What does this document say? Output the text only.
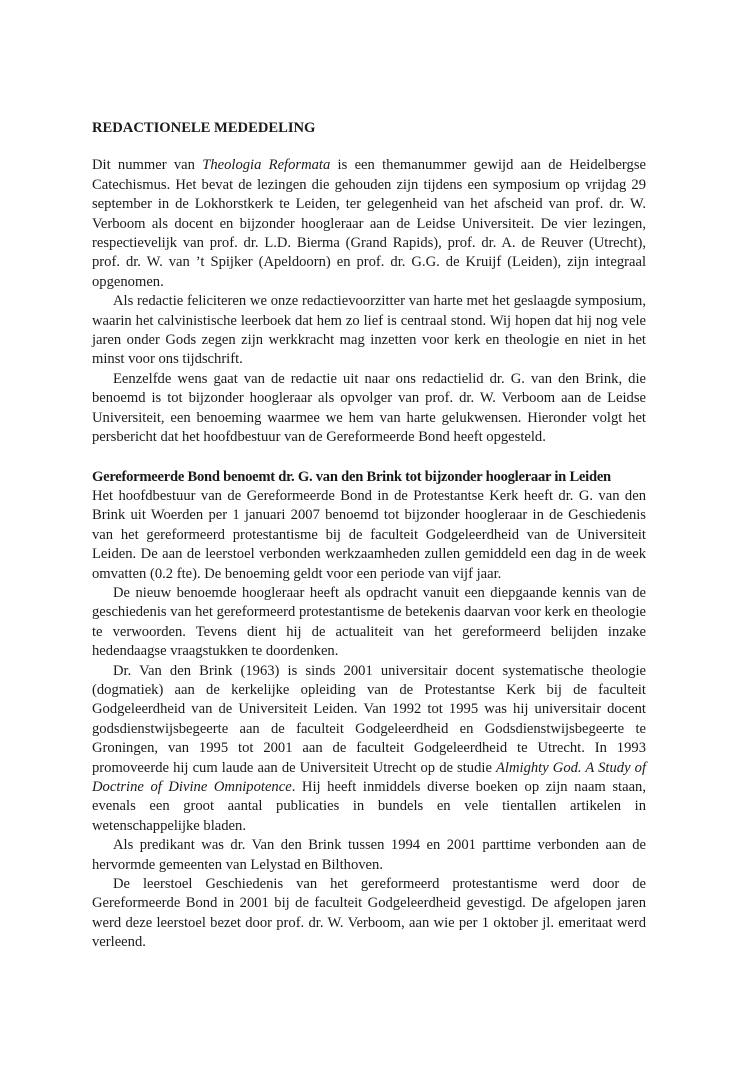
REDACTIONELE MEDEDELING

Dit nummer van Theologia Reformata is een themanummer gewijd aan de Heidelbergse Catechismus. Het bevat de lezingen die gehouden zijn tijdens een symposium op vrijdag 29 september in de Lokhorstkerk te Leiden, ter gelegenheid van het afscheid van prof. dr. W. Verboom als docent en bijzonder hoogleraar aan de Leidse Universiteit. De vier lezingen, respectievelijk van prof. dr. L.D. Bierma (Grand Rapids), prof. dr. A. de Reuver (Utrecht), prof. dr. W. van ’t Spijker (Apeldoorn) en prof. dr. G.G. de Kruijf (Leiden), zijn integraal opgenomen.

Als redactie feliciteren we onze redactievoorzitter van harte met het geslaagde symposium, waarin het calvinistische leerboek dat hem zo lief is centraal stond. Wij hopen dat hij nog vele jaren onder Gods zegen zijn werkkracht mag inzetten voor kerk en theologie en niet in het minst voor ons tijdschrift.

Eenzelfde wens gaat van de redactie uit naar ons redactielid dr. G. van den Brink, die benoemd is tot bijzonder hoogleraar als opvolger van prof. dr. W. Verboom aan de Leidse Universiteit, een benoeming waarmee we hem van harte gelukwensen. Hieronder volgt het persbericht dat het hoofdbestuur van de Gereformeerde Bond heeft opgesteld.

Gereformeerde Bond benoemt dr. G. van den Brink tot bijzonder hoogleraar in Leiden

Het hoofdbestuur van de Gereformeerde Bond in de Protestantse Kerk heeft dr. G. van den Brink uit Woerden per 1 januari 2007 benoemd tot bijzonder hoogleraar in de Geschiedenis van het gereformeerd protestantisme bij de faculteit Godgeleerdheid van de Universiteit Leiden. De aan de leerstoel verbonden werkzaamheden zullen gemiddeld een dag in de week omvatten (0.2 fte). De benoeming geldt voor een periode van vijf jaar.

De nieuw benoemde hoogleraar heeft als opdracht vanuit een diepgaande kennis van de geschiedenis van het gereformeerd protestantisme de betekenis daarvan voor kerk en theologie te verwoorden. Tevens dient hij de actualiteit van het gereformeerd belijden inzake hedendaagse vraagstukken te doordenken.

Dr. Van den Brink (1963) is sinds 2001 universitair docent systematische theologie (dogmatiek) aan de kerkelijke opleiding van de Protestantse Kerk bij de faculteit Godgeleerdheid van de Universiteit Leiden. Van 1992 tot 1995 was hij universitair docent godsdienstwijsbegeerte aan de faculteit Godgeleerdheid en Godsdienstwijsbegeerte te Groningen, van 1995 tot 2001 aan de faculteit Godgeleerdheid te Utrecht. In 1993 promoveerde hij cum laude aan de Universiteit Utrecht op de studie Almighty God. A Study of Doctrine of Divine Omnipotence. Hij heeft inmiddels diverse boeken op zijn naam staan, evenals een groot aantal publicaties in bundels en vele tientallen artikelen in wetenschappelijke bladen.

Als predikant was dr. Van den Brink tussen 1994 en 2001 parttime verbonden aan de hervormde gemeenten van Lelystad en Bilthoven.

De leerstoel Geschiedenis van het gereformeerd protestantisme werd door de Gereformeerde Bond in 2001 bij de faculteit Godgeleerdheid gevestigd. De afgelopen jaren werd deze leerstoel bezet door prof. dr. W. Verboom, aan wie per 1 oktober jl. emeritaat werd verleend.
